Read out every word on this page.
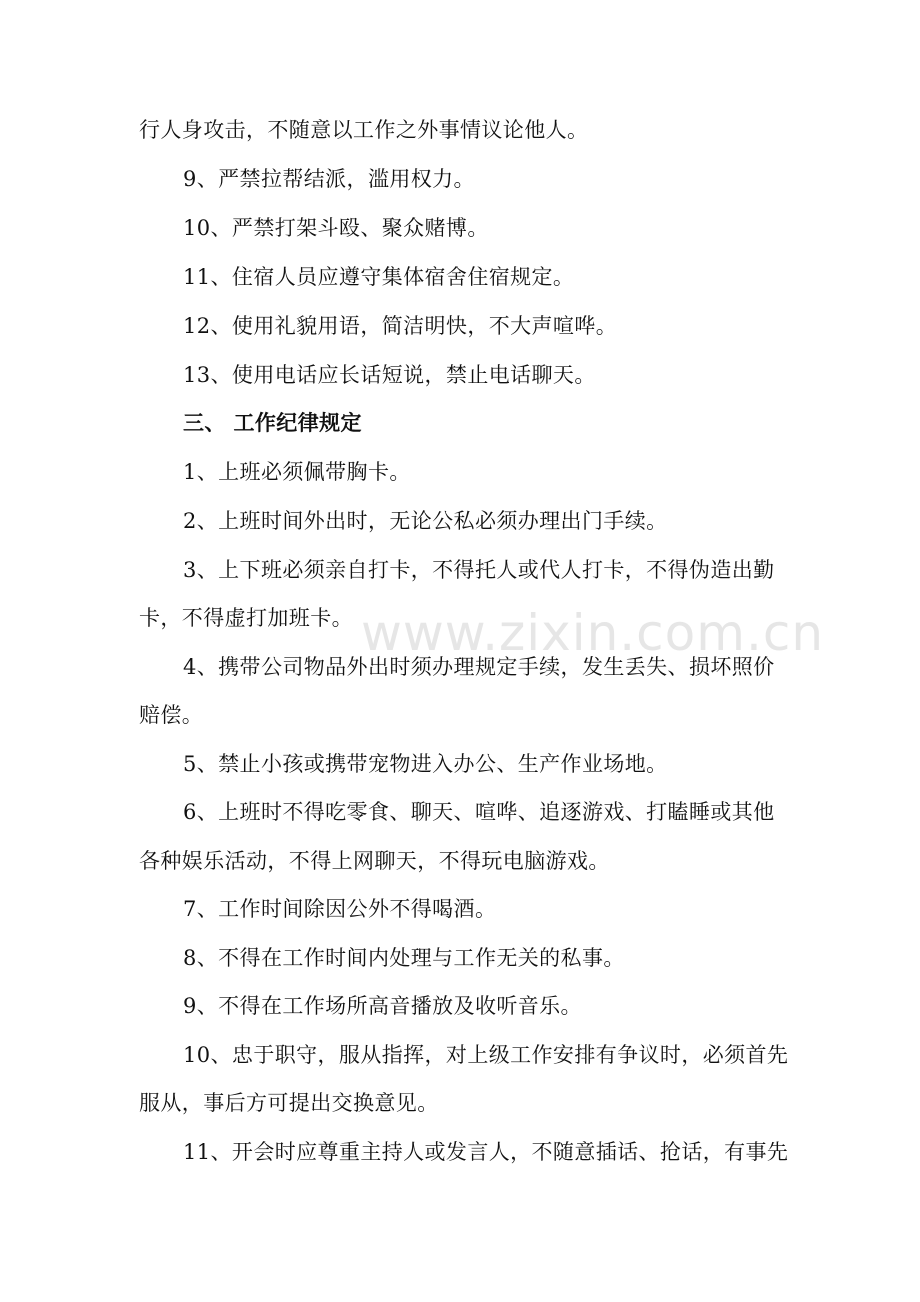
www.zixin.com.cn

行人身攻击，不随意以工作之外事情议论他人。

9、严禁拉帮结派，滥用权力。

10、严禁打架斗殴、聚众赌博。

11、住宿人员应遵守集体宿舍住宿规定。

12、使用礼貌用语，简洁明快，不大声喧哗。

13、使用电话应长话短说，禁止电话聊天。

三、 工作纪律规定

1、上班必须佩带胸卡。

2、上班时间外出时，无论公私必须办理出门手续。

3、上下班必须亲自打卡，不得托人或代人打卡，不得伪造出勤

卡，不得虚打加班卡。

4、携带公司物品外出时须办理规定手续，发生丢失、损坏照价

赔偿。

5、禁止小孩或携带宠物进入办公、生产作业场地。

6、上班时不得吃零食、聊天、喧哗、追逐游戏、打瞌睡或其他

各种娱乐活动，不得上网聊天，不得玩电脑游戏。

7、工作时间除因公外不得喝酒。

8、不得在工作时间内处理与工作无关的私事。

9、不得在工作场所高音播放及收听音乐。

10、忠于职守，服从指挥，对上级工作安排有争议时，必须首先

服从，事后方可提出交换意见。

11、开会时应尊重主持人或发言人，不随意插话、抢话，有事先
